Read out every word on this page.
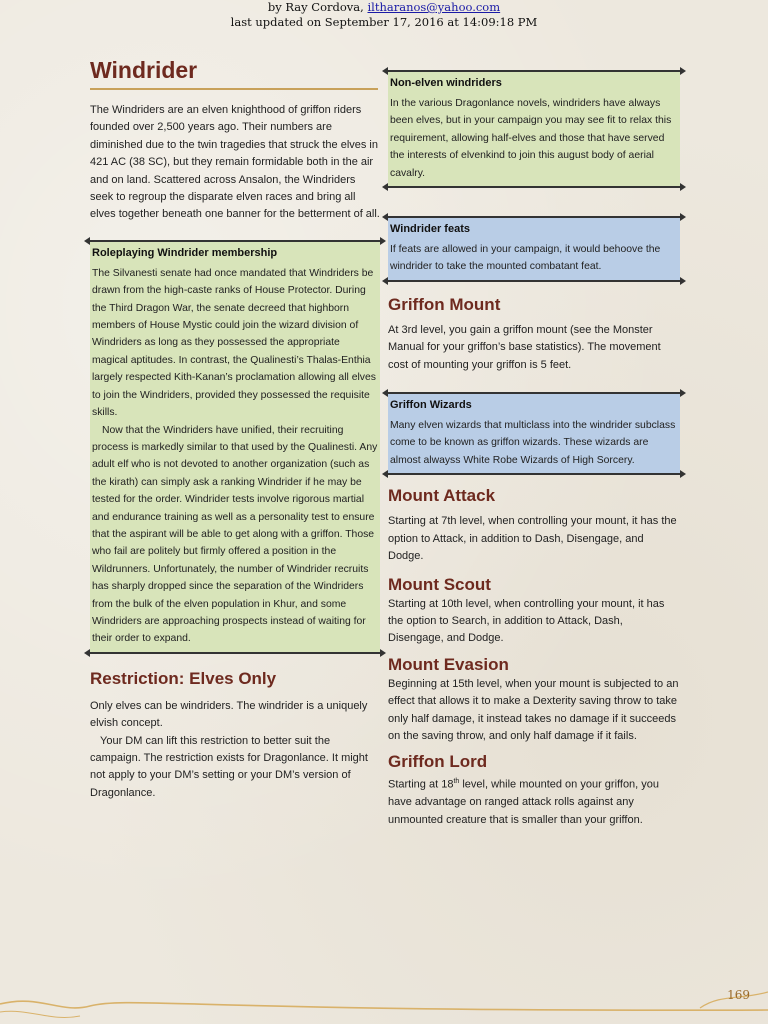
by Ray Cordova, iltharanos@yahoo.com
last updated on September 17, 2016 at 14:09:18 PM
Windrider

The Windriders are an elven knighthood of griffon riders founded over 2,500 years ago. Their numbers are diminished due to the twin tragedies that struck the elves in 421 AC (38 SC), but they remain formidable both in the air and on land. Scattered across Ansalon, the Windriders seek to regroup the disparate elven races and bring all elves together beneath one banner for the betterment of all.

Roleplaying Windrider membership

The Silvanesti senate had once mandated that Windriders be drawn from the high-caste ranks of House Protector. During the Third Dragon War, the senate decreed that highborn members of House Mystic could join the wizard division of Windriders as long as they possessed the appropriate magical aptitudes. In contrast, the Qualinesti’s Thalas-Enthia largely respected Kith-Kanan’s proclamation allowing all elves to join the Windriders, provided they possessed the requisite skills.

Now that the Windriders have unified, their recruiting process is markedly similar to that used by the Qualinesti. Any adult elf who is not devoted to another organization (such as the kirath) can simply ask a ranking Windrider if he may be tested for the order. Windrider tests involve rigorous martial and endurance training as well as a personality test to ensure that the aspirant will be able to get along with a griffon. Those who fail are politely but firmly offered a position in the Wildrunners. Unfortunately, the number of Windrider recruits has sharply dropped since the separation of the Windriders from the bulk of the elven population in Khur, and some Windriders are approaching prospects instead of waiting for their order to expand.

Restriction: Elves Only

Only elves can be windriders. The windrider is a uniquely elvish concept.

Your DM can lift this restriction to better suit the campaign. The restriction exists for Dragonlance. It might not apply to your DM’s setting or your DM’s version of Dragonlance.

Non-elven windriders

In the various Dragonlance novels, windriders have always been elves, but in your campaign you may see fit to relax this requirement, allowing half-elves and those that have served the interests of elvenkind to join this august body of aerial cavalry.

Windrider feats

If feats are allowed in your campaign, it would behoove the windrider to take the mounted combatant feat.

Griffon Mount

At 3rd level, you gain a griffon mount (see the Monster Manual for your griffon’s base statistics). The movement cost of mounting your griffon is 5 feet.

Griffon Wizards

Many elven wizards that multiclass into the windrider subclass come to be known as griffon wizards. These wizards are almost alwayss White Robe Wizards of High Sorcery.

Mount Attack

Starting at 7th level, when controlling your mount, it has the option to Attack, in addition to Dash, Disengage, and Dodge.

Mount Scout

Starting at 10th level, when controlling your mount, it has the option to Search, in addition to Attack, Dash, Disengage, and Dodge.

Mount Evasion

Beginning at 15th level, when your mount is subjected to an effect that allows it to make a Dexterity saving throw to take only half damage, it instead takes no damage if it succeeds on the saving throw, and only half damage if it fails.

Griffon Lord

Starting at 18th level, while mounted on your griffon, you have advantage on ranged attack rolls against any unmounted creature that is smaller than your griffon.

169
